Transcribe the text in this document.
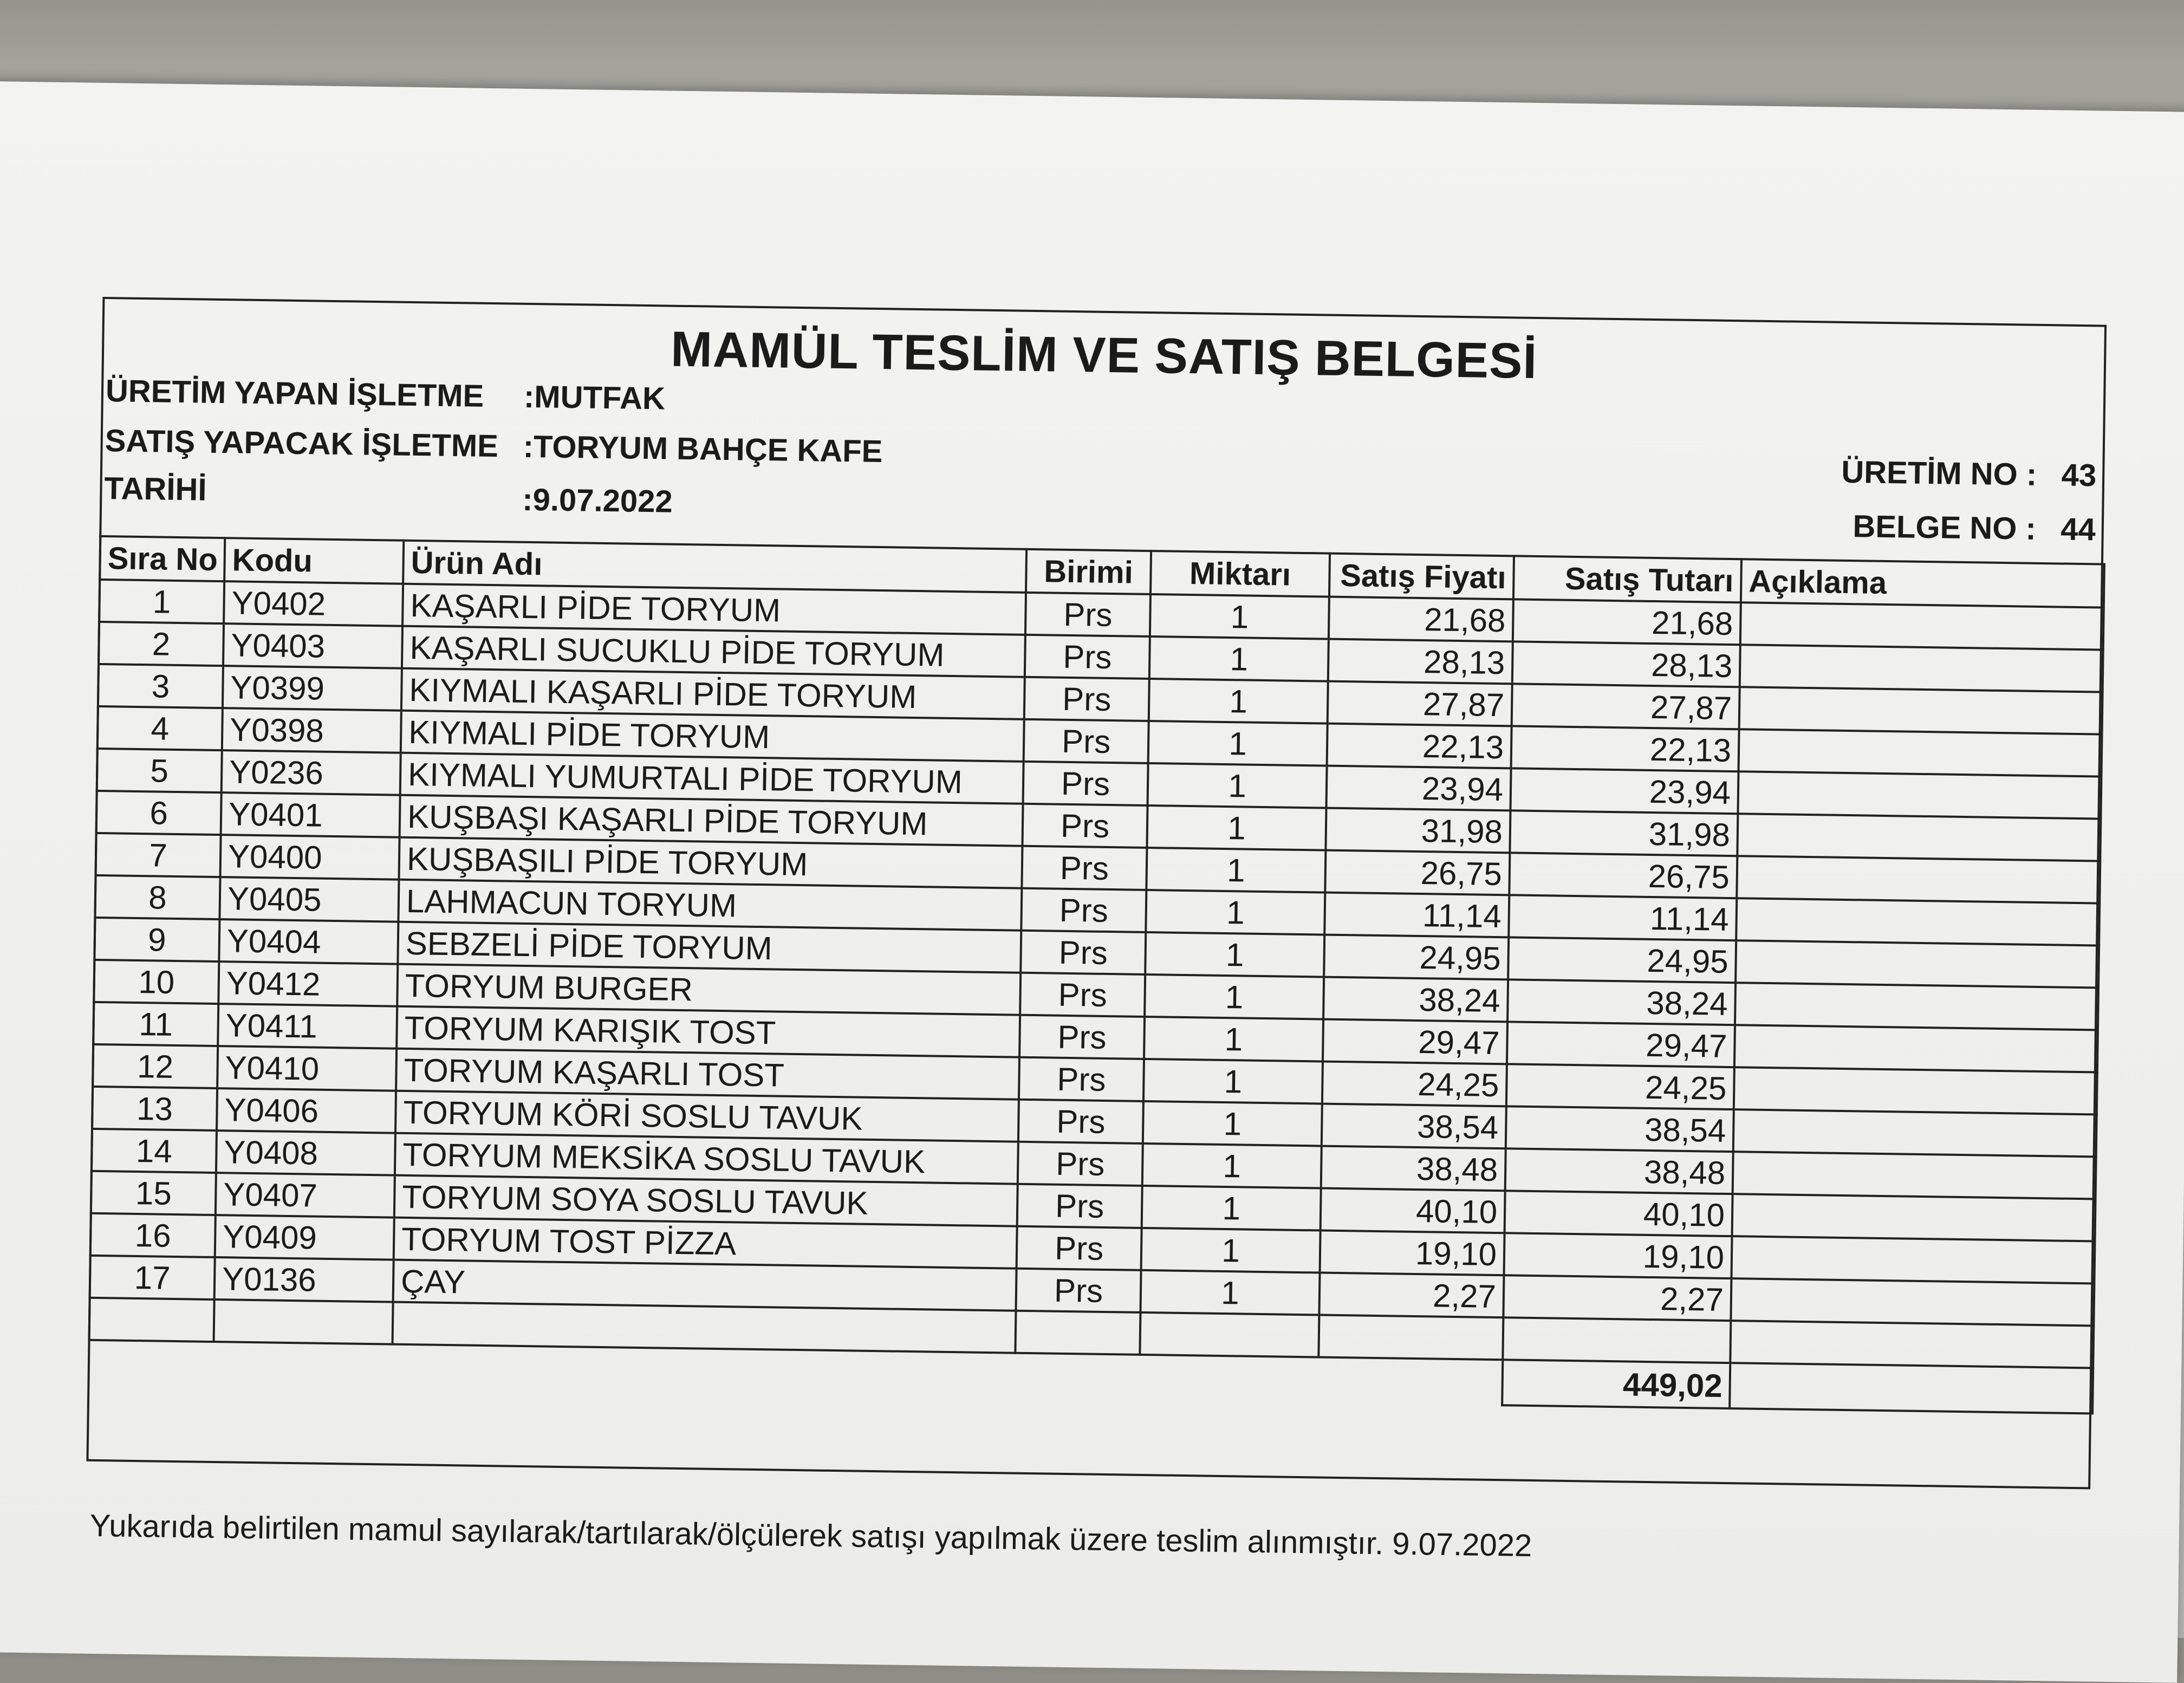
MAMÜL TESLİM VE SATIŞ BELGESİ
ÜRETİM YAPAN İŞLETME :MUTFAK
SATIŞ YAPACAK İŞLETME :TORYUM BAHÇE KAFE
TARİHİ	:9.07.2022
ÜRETİM NO : 43
BELGE NO : 44
Sıra No	Kodu	Ürün Adı	Birimi	Miktarı	Satış Fiyatı	Satış Tutarı	Açıklama
1	Y0402	KAŞARLI PİDE TORYUM	Prs	1	21,68	21,68	
2	Y0403	KAŞARLI SUCUKLU PİDE TORYUM	Prs	1	28,13	28,13	
3	Y0399	KIYMALI KAŞARLI PİDE TORYUM	Prs	1	27,87	27,87	
4	Y0398	KIYMALI PİDE TORYUM	Prs	1	22,13	22,13	
5	Y0236	KIYMALI YUMURTALI PİDE TORYUM	Prs	1	23,94	23,94	
6	Y0401	KUŞBAŞI KAŞARLI PİDE TORYUM	Prs	1	31,98	31,98	
7	Y0400	KUŞBAŞILI PİDE TORYUM	Prs	1	26,75	26,75	
8	Y0405	LAHMACUN TORYUM	Prs	1	11,14	11,14	
9	Y0404	SEBZELİ PİDE TORYUM	Prs	1	24,95	24,95	
10	Y0412	TORYUM BURGER	Prs	1	38,24	38,24	
11	Y0411	TORYUM KARIŞIK TOST	Prs	1	29,47	29,47	
12	Y0410	TORYUM KAŞARLI TOST	Prs	1	24,25	24,25	
13	Y0406	TORYUM KÖRİ SOSLU TAVUK	Prs	1	38,54	38,54	
14	Y0408	TORYUM MEKSİKA SOSLU TAVUK	Prs	1	38,48	38,48	
15	Y0407	TORYUM SOYA SOSLU TAVUK	Prs	1	40,10	40,10	
16	Y0409	TORYUM TOST PİZZA	Prs	1	19,10	19,10	
17	Y0136	ÇAY	Prs	1	2,27	2,27	

						449,02	
Yukarıda belirtilen mamul sayılarak/tartılarak/ölçülerek satışı yapılmak üzere teslim alınmıştır. 9.07.2022
